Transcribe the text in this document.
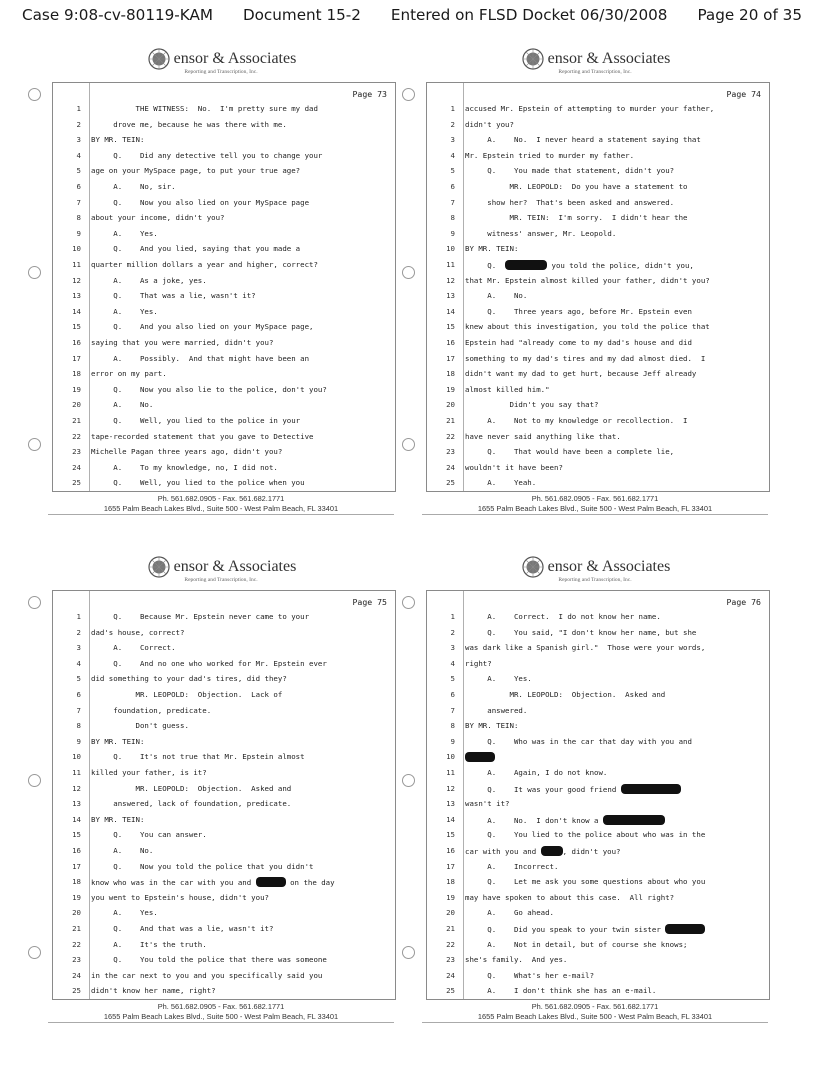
Case 9:08-cv-80119-KAM Document 15-2 Entered on FLSD Docket 06/30/2008 Page 20 of 35
ensor & Associates
Reporting and Transcription, Inc.
Page 73
1 THE WITNESS:  No.  I'm pretty sure my dad
2 drove me, because he was there with me.
3 BY MR. TEIN:
4 Q.    Did any detective tell you to change your
5 age on your MySpace page, to put your true age?
6 A.    No, sir.
7 Q.    Now you also lied on your MySpace page
8 about your income, didn't you?
9 A.    Yes.
10 Q.    And you lied, saying that you made a
11 quarter million dollars a year and higher, correct?
12 A.    As a joke, yes.
13 Q.    That was a lie, wasn't it?
14 A.    Yes.
15 Q.    And you also lied on your MySpace page,
16 saying that you were married, didn't you?
17 A.    Possibly.  And that might have been an
18 error on my part.
19 Q.    Now you also lie to the police, don't you?
20 A.    No.
21 Q.    Well, you lied to the police in your
22 tape-recorded statement that you gave to Detective
23 Michelle Pagan three years ago, didn't you?
24 A.    To my knowledge, no, I did not.
25 Q.    Well, you lied to the police when you
Ph. 561.682.0905 - Fax. 561.682.1771
1655 Palm Beach Lakes Blvd., Suite 500 - West Palm Beach, FL 33401
ensor & Associates
Reporting and Transcription, Inc.
Page 74
1 accused Mr. Epstein of attempting to murder your father,
2 didn't you?
3 A.    No.  I never heard a statement saying that
4 Mr. Epstein tried to murder my father.
5 Q.    You made that statement, didn't you?
6 MR. LEOPOLD:  Do you have a statement to
7 show her?  That's been asked and answered.
8 MR. TEIN:  I'm sorry.  I didn't hear the
9 witness' answer, Mr. Leopold.
10 BY MR. TEIN:
11 Q.	you told the police, didn't you,
12 that Mr. Epstein almost killed your father, didn't you?
13 A.    No.
14 Q.    Three years ago, before Mr. Epstein even
15 knew about this investigation, you told the police that
16 Epstein had "already come to my dad's house and did
17 something to my dad's tires and my dad almost died.  I
18 didn't want my dad to get hurt, because Jeff already
19 almost killed him."
20 Didn't you say that?
21 A.    Not to my knowledge or recollection.  I
22 have never said anything like that.
23 Q.    That would have been a complete lie,
24 wouldn't it have been?
25 A.    Yeah.
Ph. 561.682.0905 - Fax. 561.682.1771
1655 Palm Beach Lakes Blvd., Suite 500 - West Palm Beach, FL 33401
ensor & Associates
Reporting and Transcription, Inc.
Page 75
1 Q.    Because Mr. Epstein never came to your
2 dad's house, correct?
3 A.    Correct.
4 Q.    And no one who worked for Mr. Epstein ever
5 did something to your dad's tires, did they?
6 MR. LEOPOLD:  Objection.  Lack of
7 foundation, predicate.
8 Don't guess.
9 BY MR. TEIN:
10 Q.    It's not true that Mr. Epstein almost
11 killed your father, is it?
12 MR. LEOPOLD:  Objection.  Asked and
13 answered, lack of foundation, predicate.
14 BY MR. TEIN:
15 Q.    You can answer.
16 A.    No.
17 Q.    Now you told the police that you didn't
18 know who was in the car with you and	on the day
19 you went to Epstein's house, didn't you?
20 A.    Yes.
21 Q.    And that was a lie, wasn't it?
22 A.    It's the truth.
23 Q.    You told the police that there was someone
24 in the car next to you and you specifically said you
25 didn't know her name, right?
Ph. 561.682.0905 - Fax. 561.682.1771
1655 Palm Beach Lakes Blvd., Suite 500 - West Palm Beach, FL 33401
ensor & Associates
Reporting and Transcription, Inc.
Page 76
1 A.    Correct.  I do not know her name.
2 Q.    You said, "I don't know her name, but she
3 was dark like a Spanish girl."  Those were your words,
4 right?
5 A.    Yes.
6 MR. LEOPOLD:  Objection.  Asked and
7 answered.
8 BY MR. TEIN:
9 Q.    Who was in the car that day with you and
10
11 A.    Again, I do not know.
12 Q.    It was your good friend
13 wasn't it?
14 A.    No.  I don't know a
15 Q.    You lied to the police about who was in the
16 car with you and	, didn't you?
17 A.    Incorrect.
18 Q.    Let me ask you some questions about who you
19 may have spoken to about this case.  All right?
20 A.    Go ahead.
21 Q.    Did you speak to your twin sister
22 A.    Not in detail, but of course she knows;
23 she's family.  And yes.
24 Q.    What's her e-mail?
25 A.    I don't think she has an e-mail.
Ph. 561.682.0905 - Fax. 561.682.1771
1655 Palm Beach Lakes Blvd., Suite 500 - West Palm Beach, FL 33401
